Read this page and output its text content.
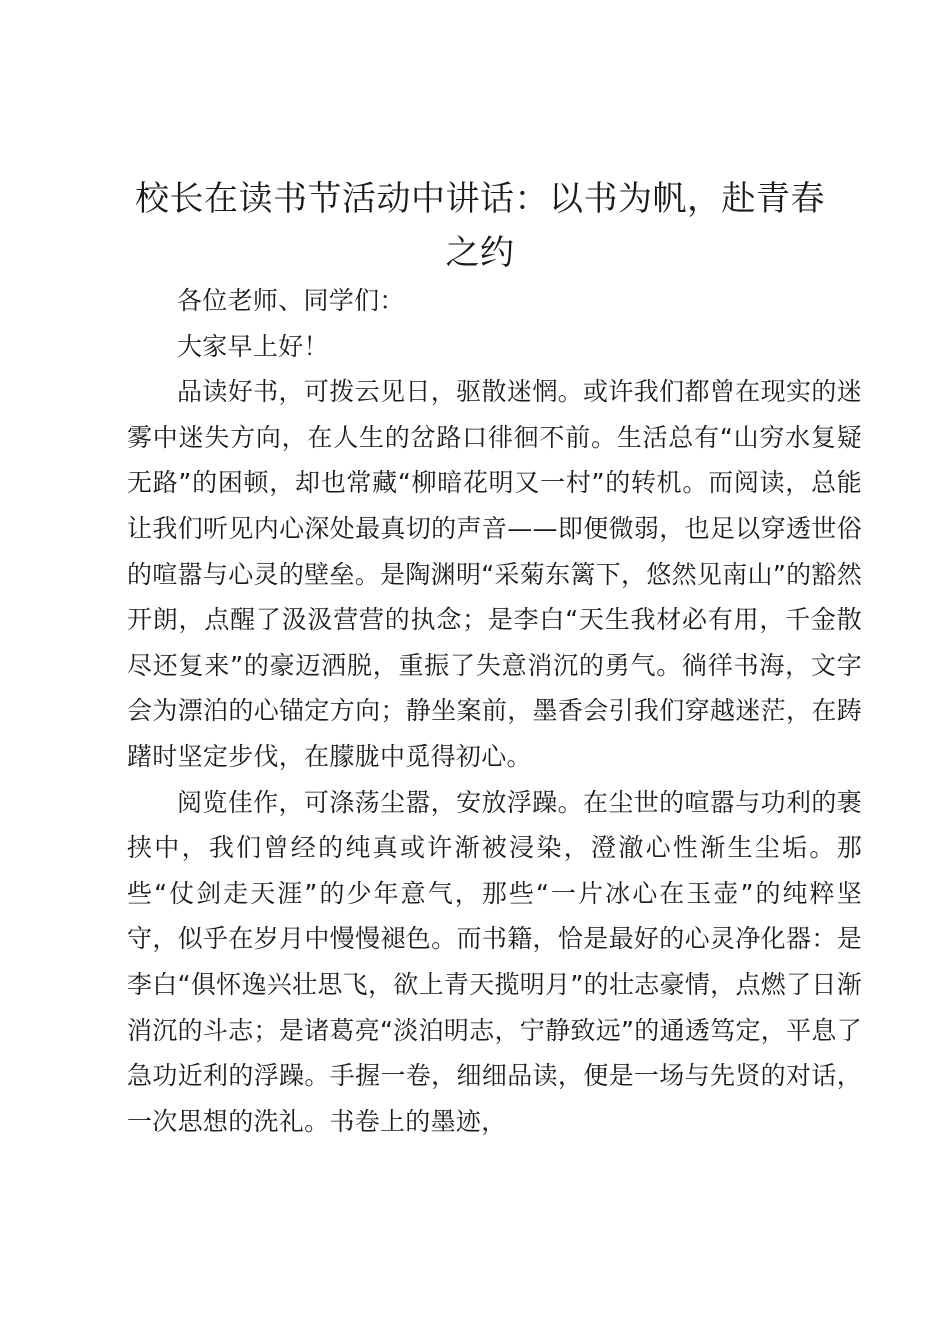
校长在读书节活动中讲话：以书为帆，赴青春之约

各位老师、同学们：

大家早上好！

品读好书，可拨云见日，驱散迷惘。或许我们都曾在现实的迷雾中迷失方向，在人生的岔路口徘徊不前。生活总有“山穷水复疑无路”的困顿，却也常藏“柳暗花明又一村”的转机。而阅读，总能让我们听见内心深处最真切的声音——即便微弱，也足以穿透世俗的喧嚣与心灵的壁垒。是陶渊明“采菊东篱下，悠然见南山”的豁然开朗，点醒了汲汲营营的执念；是李白“天生我材必有用，千金散尽还复来”的豪迈洒脱，重振了失意消沉的勇气。徜徉书海，文字会为漂泊的心锚定方向；静坐案前，墨香会引我们穿越迷茫，在踌躇时坚定步伐，在朦胧中觅得初心。

阅览佳作，可涤荡尘嚣，安放浮躁。在尘世的喧嚣与功利的裹挟中，我们曾经的纯真或许渐被浸染，澄澈心性渐生尘垢。那些“仗剑走天涯”的少年意气，那些“一片冰心在玉壶”的纯粹坚守，似乎在岁月中慢慢褪色。而书籍，恰是最好的心灵净化器：是李白“俱怀逸兴壮思飞，欲上青天揽明月”的壮志豪情，点燃了日渐消沉的斗志；是诸葛亮“淡泊明志，宁静致远”的通透笃定，平息了急功近利的浮躁。手握一卷，细细品读，便是一场与先贤的对话，一次思想的洗礼。书卷上的墨迹，
